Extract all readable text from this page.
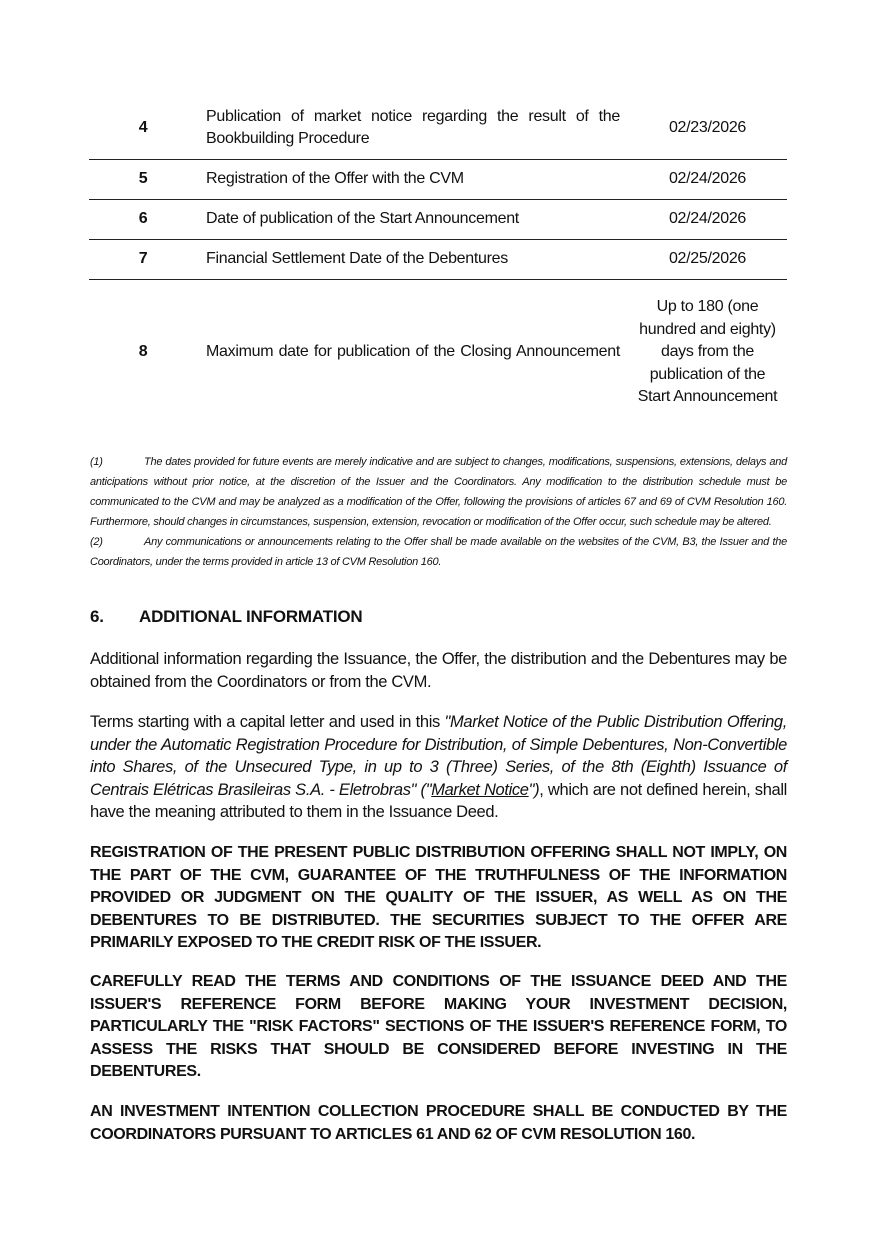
4	Publication of market notice regarding the result of the Bookbuilding Procedure	02/23/2026
5	Registration of the Offer with the CVM	02/24/2026
6	Date of publication of the Start Announcement	02/24/2026
7	Financial Settlement Date of the Debentures	02/25/2026
8	Maximum date for publication of the Closing Announcement	Up to 180 (one hundred and eighty) days from the publication of the Start Announcement
(1)	The dates provided for future events are merely indicative and are subject to changes, modifications, suspensions, extensions, delays and anticipations without prior notice, at the discretion of the Issuer and the Coordinators. Any modification to the distribution schedule must be communicated to the CVM and may be analyzed as a modification of the Offer, following the provisions of articles 67 and 69 of CVM Resolution 160. Furthermore, should changes in circumstances, suspension, extension, revocation or modification of the Offer occur, such schedule may be altered.
(2)	Any communications or announcements relating to the Offer shall be made available on the websites of the CVM, B3, the Issuer and the Coordinators, under the terms provided in article 13 of CVM Resolution 160.
6. ADDITIONAL INFORMATION
Additional information regarding the Issuance, the Offer, the distribution and the Debentures may be obtained from the Coordinators or from the CVM.
Terms starting with a capital letter and used in this "Market Notice of the Public Distribution Offering, under the Automatic Registration Procedure for Distribution, of Simple Debentures, Non-Convertible into Shares, of the Unsecured Type, in up to 3 (Three) Series, of the 8th (Eighth) Issuance of Centrais Elétricas Brasileiras S.A. - Eletrobras" ("Market Notice"), which are not defined herein, shall have the meaning attributed to them in the Issuance Deed.
REGISTRATION OF THE PRESENT PUBLIC DISTRIBUTION OFFERING SHALL NOT IMPLY, ON THE PART OF THE CVM, GUARANTEE OF THE TRUTHFULNESS OF THE INFORMATION PROVIDED OR JUDGMENT ON THE QUALITY OF THE ISSUER, AS WELL AS ON THE DEBENTURES TO BE DISTRIBUTED. THE SECURITIES SUBJECT TO THE OFFER ARE PRIMARILY EXPOSED TO THE CREDIT RISK OF THE ISSUER.
CAREFULLY READ THE TERMS AND CONDITIONS OF THE ISSUANCE DEED AND THE ISSUER'S REFERENCE FORM BEFORE MAKING YOUR INVESTMENT DECISION, PARTICULARLY THE "RISK FACTORS" SECTIONS OF THE ISSUER'S REFERENCE FORM, TO ASSESS THE RISKS THAT SHOULD BE CONSIDERED BEFORE INVESTING IN THE DEBENTURES.
AN INVESTMENT INTENTION COLLECTION PROCEDURE SHALL BE CONDUCTED BY THE COORDINATORS PURSUANT TO ARTICLES 61 AND 62 OF CVM RESOLUTION 160.
